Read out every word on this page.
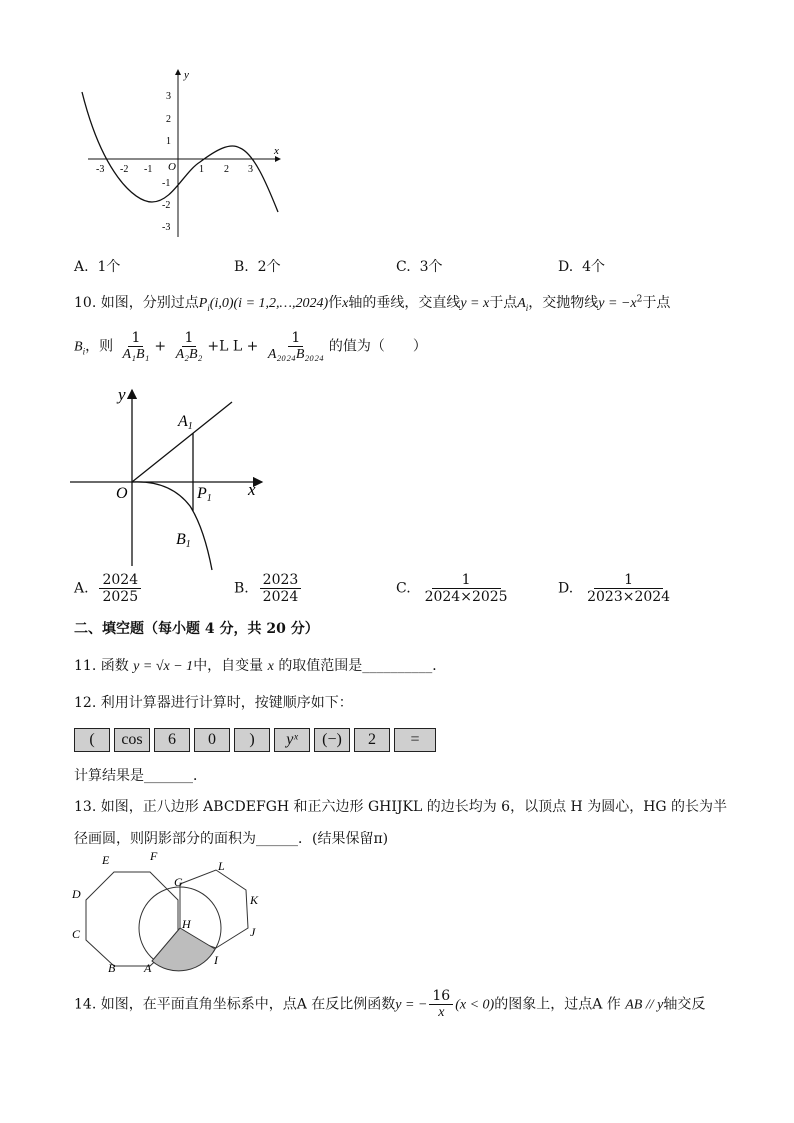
y
x
O
3
2
1
-1
-2
-3
-3 -2 -1	1 2 3
A. 1个	B. 2个	C. 3个	D. 4个
10. 如图，分别过点$P_i(i,0)(i$ = 1,2,…,2024)作x轴的垂线，交直线y = x于点$A_i$，交抛物线$y = -x^2$于点
$B_i$，则 $\frac{1}{\text{A₁B₁}} + \frac{1}{\text{A₂B₂}} +L$ $L + \frac{1}{\text{A₂₀₂₄B₂₀₂₄}}$ 的值为（　　）
y
x
O
A1
P1
B1
A. $\frac{2024}{2025}$	B. $\frac{2023}{2024}$	C. $\frac{1}{2024\times 2025}$	D. $\frac{1}{2023\times 2024}$
二、填空题（每小题 4 分，共 20 分）
11. 函数 y = √x − 1中，自变量 x 的取值范围是__________．
12. 利用计算器进行计算时，按键顺序如下：
(	cos	6	0	)	yˣ	(−)	2	=
计算结果是_______．
13. 如图，正八边形 ABCDEFGH 和正六边形 GHIJKL 的边长均为 6，以顶点 H 为圆心，HG 的长为半
径画圆，则阴影部分的面积为______．(结果保留π)
E	F
L
D
G
K
H
C	J
B A
I
14. 如图，在平面直角坐标系中，点A 在反比例函数y = − $\frac{16}{x} (x < 0)$的图象上，过点A 作 AB // y轴交反
